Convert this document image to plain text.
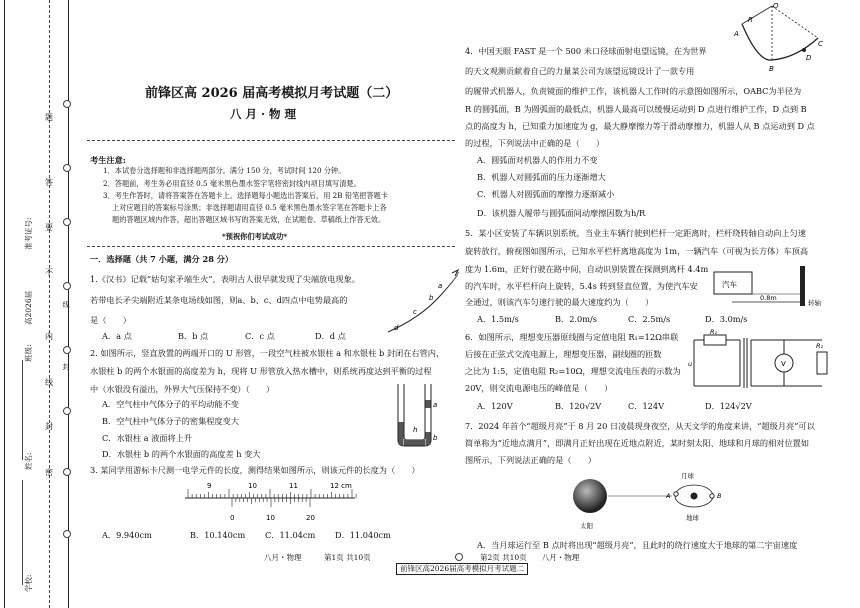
学校:
姓名:
班级:
高2026届
准考证号:
题
答
要
不
内
线
封
密
线
封
前锋区高 2026 届高考模拟月考试题（二）
八 月 · 物 理
考生注意:
1．本试卷分选择题和非选择题两部分。满分 150 分，考试时间 120 分钟。
2．答题前，考生务必用直径 0.5 毫米黑色墨水签字笔将密封线内项目填写清楚。
3．考生作答时，请将答案答在答题卡上。选择题每小题选出答案后，用 2B 铅笔把答题卡
上对应题目的答案标号涂黑；非选择题请用直径 0.5 毫米黑色墨水签字笔在答题卡上各
题的答题区域内作答，超出答题区域书写的答案无效，在试题卷、草稿纸上作答无效。
*预祝你们考试成功*
一．选择题（共 7 小题，满分 28 分）
1.《汉书》记载“姑句家矛端生火”，表明古人很早就发现了尖端放电现象。
若带电长矛尖端附近某条电场线如图，则a、b、c、d四点中电势最高的
是（　　）
A．a 点	B．b 点	C．c 点	D．d 点
a
b
c
d
2. 如图所示，竖直放置的两端开口的 U 形管，一段空气柱被水银柱 a 和水银柱 b 封闭在右管内，
水银柱 b 的两个水银面的高度差为 h，现将 U 形管放入热水槽中，则系统再度达到平衡的过程
中（水银没有溢出，外界大气压保持不变）（　　）
A．空气柱中气体分子的平均动能不变
B．空气柱中气体分子的密集程度变大
C．水银柱 a 液面将上升
D．水银柱 b 的两个水银面的高度差 h 变大
a
h
b
3. 某同学用游标卡尺测一电学元件的长度，测得结果如图所示，则该元件的长度为（　　）
9	10	11	12 cm
0	10	20
A．9.940cm	B．10.140cm C．11.04cm D．11.040cm
4．中国天眼 FAST 是一个 500 米口径球面射电望远镜，在为世界
的天文观测贡献着自己的力量某公司为该望远镜设计了一款专用
的履带式机器人，负责镜面的维护工作，该机器人工作时的示意图如图所示，OABC为半径为
R 的圆弧面，B 为圆弧面的最低点，机器人最高可以缓慢运动到 D 点进行维护工作，D 点到 B
点的高度为 h，已知重力加速度为 g，最大静摩擦力等于滑动摩擦力，机器人从 B 点运动到 D 点
的过程，下列说法中正确的是（　　）
A．圆弧面对机器人的作用力不变
B．机器人对圆弧面的压力逐渐增大
C．机器人对圆弧面的摩擦力逐渐减小
D．该机器人履带与圆弧面间动摩擦因数为h/R
O
R
A
D
C
B
5．某小区安装了车辆识别系统，当业主车辆行驶到栏杆一定距离时，栏杆绕转轴自动向上匀速
旋转放行，俯视图如图所示，已知水平栏杆离地高度为 1m，一辆汽车（可视为长方体）车顶高
度为 1.6m，正好行驶在路中间，自动识别装置在探测到离杆 4.4m
的汽车时，水平栏杆向上旋转，5.4s 转到竖直位置，为使汽车安
全通过，则该汽车匀速行驶的最大速度约为（　　）
A．1.5m/s	B．2.0m/s	C．2.5m/s	D．3.0m/s
汽车
0.8m
转轴
6．如图所示，理想变压器原线圈与定值电阻 R₁=12Ω串联
后接在正弦式交流电源上，理想变压器，副线圈的匝数
之比为 1:5，定值电阻 R₂=10Ω，理想交流电压表的示数为
20V，则交流电源电压的峰值是（　　）
A．120V	B．120√2V	C．124V	D．124√2V
R₁
u	V
R₂
7．2024 年首个“超级月亮”于 8 月 20 日凌晨现身夜空，从天文学的角度来讲，“超级月亮”可以
简单称为“近地点满月”，即满月正好出现在近地点附近，某时刻太阳、地球和月球的相对位置如
图所示，下列说法正确的是（　　）
太阳
月球
A	B
地球
A．当月球运行至 B 点时将出现“超级月亮”，且此时的绕行速度大于地球的第二宇宙速度
八月・物理　　　第1页 共10页	第2页 共10页　　八月・物理
前锋区高2026届高考模拟月考试题二
